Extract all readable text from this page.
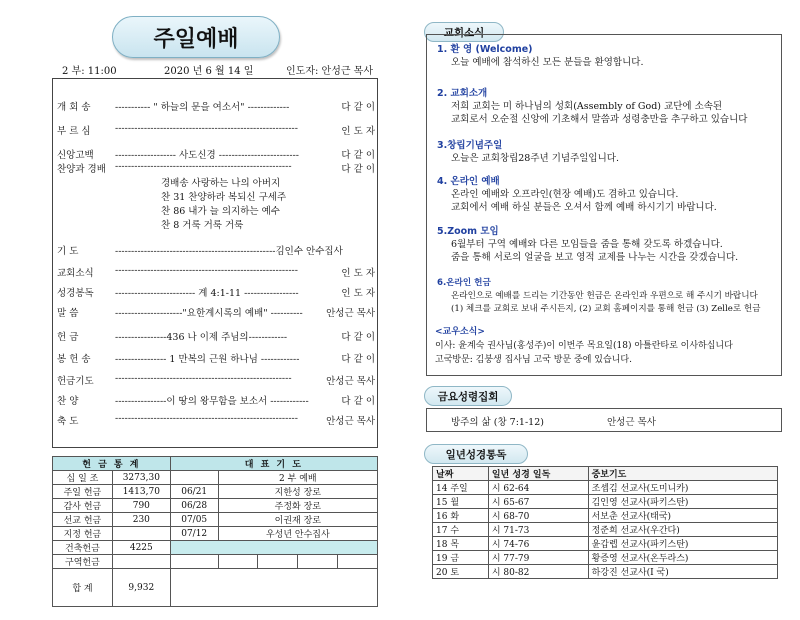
주일예배
2 부: 11:00	2020 년 6 월 14 일	인도자: 안성근 목사
개 회 송	----------- " 하늘의 문을 여소서" -------------	다 같 이
부 르 심	---------------------------------------------------------	인 도 자
신앙고백 ------------------- 사도신경 -------------------------	다 같 이
찬양과 경배 -------------------------------------------------------	다 같 이
경배송 사랑하는 나의 아버지
찬 31 찬양하라 복되신 구세주
찬 86 내가 늘 의지하는 예수
찬 8 거룩 거룩 거룩
기 도	--------------------------------------------------김인수 안수집사
교회소식 ---------------------------------------------------------	인 도 자
성경봉독 ------------------------- 계 4:1-11 -----------------	인 도 자
말 씀	---------------------"요한계시록의 예배" ---------- 안성근 목사
헌 금	----------------436 나 이제 주님의------------	다 같 이
봉 헌 송	---------------- 1 만복의 근원 하나님 ------------	다 같 이
헌금기도 -------------------------------------------------------	안성근 목사
찬 양	----------------이 땅의 왕무함을 보소서 ------------	다 같 이
축 도	---------------------------------------------------------	안성근 목사
헌 금 통 계		대 표 기 도				
십 일 조	3273,30		2 부 예배			
주일 헌금	1413,70	06/21	지한성 장로			
감사 헌금	790	06/28	주정화 장로			
선교 헌금	230	07/05	이권재 장로			
지정 헌금		07/12	우성년 안수집사			
건축헌금	4225					
구역헌금						
합 계	9,932					
교회소식
1. 환 영 (Welcome)
오늘 예배에 참석하신 모든 분들을 환영합니다.
2. 교회소개
저희 교회는 미 하나님의 성회(Assembly of God) 교단에 소속된
교회로서 오순절 신앙에 기초해서 말씀과 성령충만을 추구하고 있습니다
3.창립기념주일
오늘은 교회창립28주년 기념주일입니다.
4. 온라인 예배
온라인 예배와 오프라인(현장 예배)도 겸하고 있습니다.
교회에서 예배 하실 분들은 오셔서 함께 예배 하시기기 바랍니다.
5.Zoom 모임
6월부터 구역 예배와 다른 모임들을 줌을 통해 갖도록 하겠습니다.
줌을 통해 서로의 얼굴을 보고 영적 교제를 나누는 시간을 갖겠습니다.
6.온라인 헌금
온라인으로 예배를 드리는 기간동안 헌금은 온라인과 우편으로 해 주시기 바랍니다
(1) 체크를 교회로 보내 주시든지, (2) 교회 홈페이지를 통해 헌금 (3) Zelle로 헌금
<교우소식>
이사: 윤계숙 권사님(홍성주)이 이번주 목요일(18) 아틀란타로 이사하십니다
고국방문: 김붕생 집사님 고국 방문 중에 있습니다.
금요성령집회
방주의 삶 (창 7:1-12)	안성근 목사
일년성경통독
날짜	일년 성경 일독	중보기도
14 주일	시 62-64	조셉김 선교사(도미니카)
15 월	시 65-67	김인영 선교사(파키스탄)
16 화	시 68-70	서보춘 선교사(태국)
17 수	시 71-73	정준희 선교사(우간다)
18 목	시 74-76	윤갑렙 선교사(파키스탄)
19 금	시 77-79	황증영 선교사(온두라스)
20 토	시 80-82	하강진 선교사(I 국)
